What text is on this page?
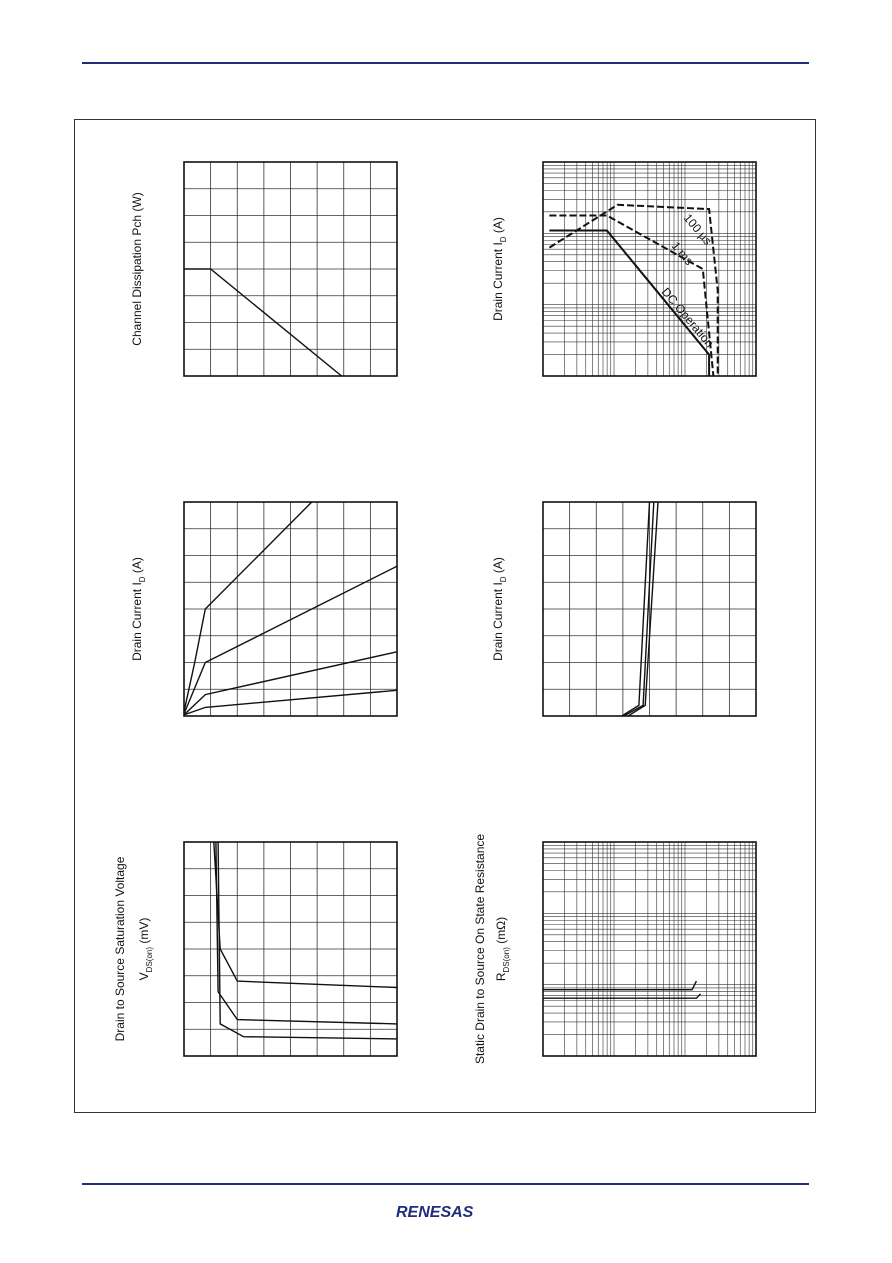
Channel Dissipation Pch (W)
Drain Current $I_D$ (A)
Drain to Source Saturation Voltage $V_{DS(on)}$ (mV)
Drain Current $I_D$ (A)
Drain Current $I_D$ (A)
Static Drain to Source On State Resistance $R_{DS(on)}$ (mΩ)
100 µs
1 ms
DC Operation
RENESAS
